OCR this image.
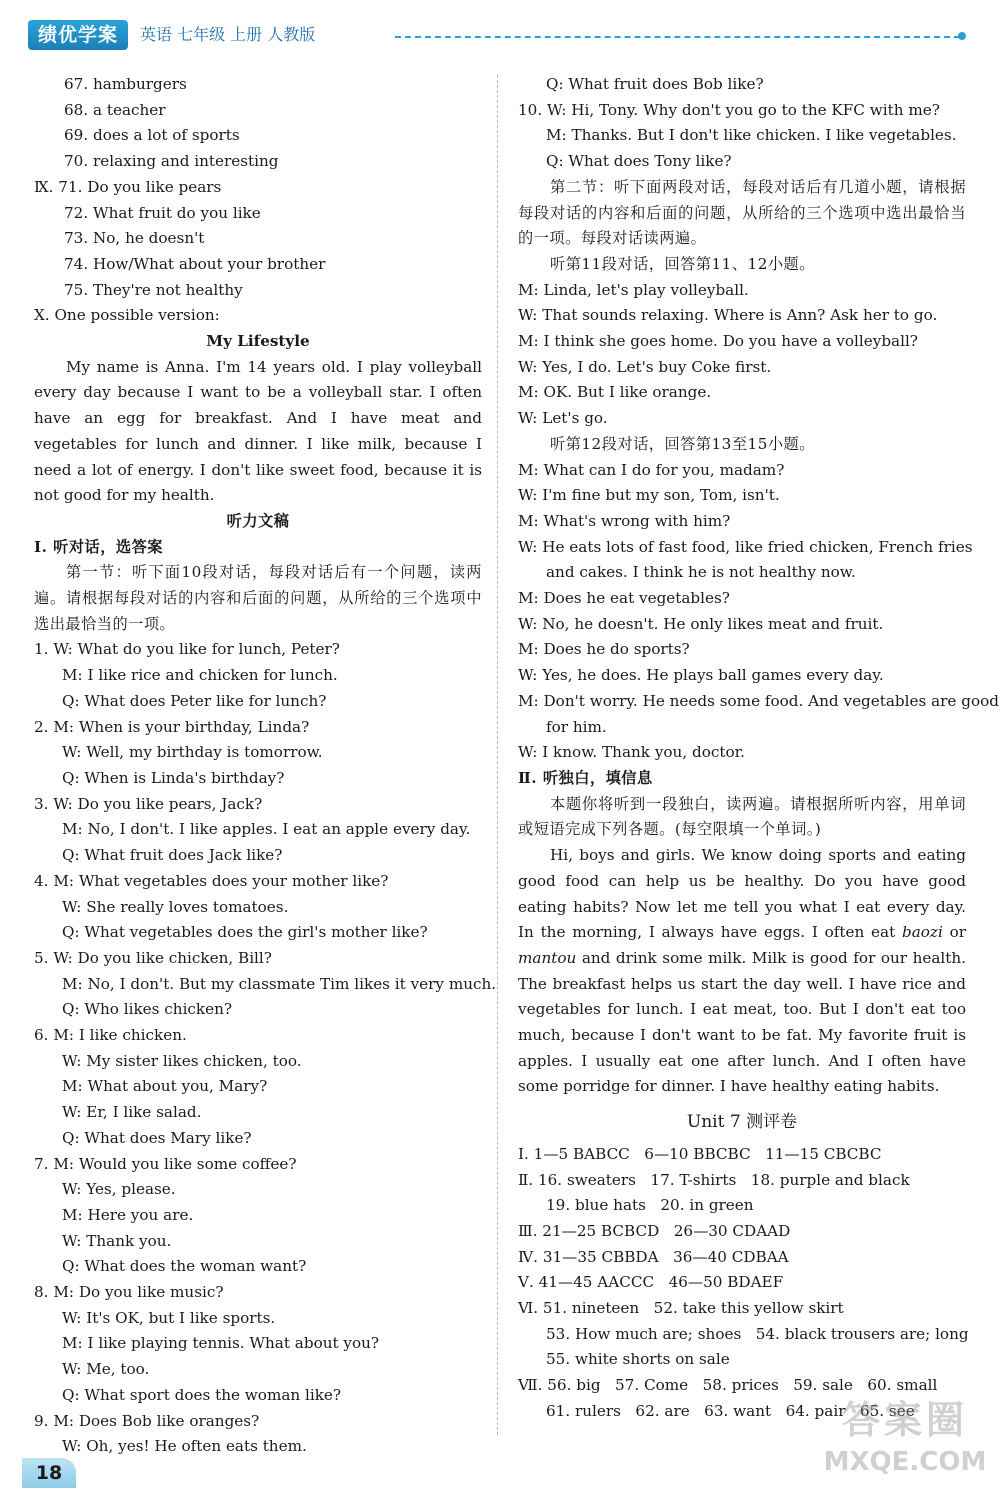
绩优学案	英语 七年级 上册 人教版
67. hamburgers
68. a teacher
69. does a lot of sports
70. relaxing and interesting
Ⅸ. 71. Do you like pears
72. What fruit do you like
73. No, he doesn't
74. How/What about your brother
75. They're not healthy
Ⅹ. One possible version:
My Lifestyle
My name is Anna. I'm 14 years old. I play volleyball every day because I want to be a volleyball star. I often have an egg for breakfast. And I have meat and vegetables for lunch and dinner. I like milk, because I need a lot of energy. I don't like sweet food, because it is not good for my health.
听力文稿
Ⅰ. 听对话，选答案
第一节：听下面10段对话，每段对话后有一个问题，读两遍。请根据每段对话的内容和后面的问题，从所给的三个选项中选出最恰当的一项。
1. W: What do you like for lunch, Peter?
M: I like rice and chicken for lunch.
Q: What does Peter like for lunch?
2. M: When is your birthday, Linda?
W: Well, my birthday is tomorrow.
Q: When is Linda's birthday?
3. W: Do you like pears, Jack?
M: No, I don't. I like apples. I eat an apple every day.
Q: What fruit does Jack like?
4. M: What vegetables does your mother like?
W: She really loves tomatoes.
Q: What vegetables does the girl's mother like?
5. W: Do you like chicken, Bill?
M: No, I don't. But my classmate Tim likes it very much.
Q: Who likes chicken?
6. M: I like chicken.
W: My sister likes chicken, too.
M: What about you, Mary?
W: Er, I like salad.
Q: What does Mary like?
7. M: Would you like some coffee?
W: Yes, please.
M: Here you are.
W: Thank you.
Q: What does the woman want?
8. M: Do you like music?
W: It's OK, but I like sports.
M: I like playing tennis. What about you?
W: Me, too.
Q: What sport does the woman like?
9. M: Does Bob like oranges?
W: Oh, yes! He often eats them.
Q: What fruit does Bob like?
10. W: Hi, Tony. Why don't you go to the KFC with me?
M: Thanks. But I don't like chicken. I like vegetables.
Q: What does Tony like?
第二节：听下面两段对话，每段对话后有几道小题，请根据每段对话的内容和后面的问题，从所给的三个选项中选出最恰当的一项。每段对话读两遍。
听第11段对话，回答第11、12小题。
M: Linda, let's play volleyball.
W: That sounds relaxing. Where is Ann? Ask her to go.
M: I think she goes home. Do you have a volleyball?
W: Yes, I do. Let's buy Coke first.
M: OK. But I like orange.
W: Let's go.
听第12段对话，回答第13至15小题。
M: What can I do for you, madam?
W: I'm fine but my son, Tom, isn't.
M: What's wrong with him?
W: He eats lots of fast food, like fried chicken, French fries
and cakes. I think he is not healthy now.
M: Does he eat vegetables?
W: No, he doesn't. He only likes meat and fruit.
M: Does he do sports?
W: Yes, he does. He plays ball games every day.
M: Don't worry. He needs some food. And vegetables are good
for him.
W: I know. Thank you, doctor.
Ⅱ. 听独白，填信息
本题你将听到一段独白，读两遍。请根据所听内容，用单词或短语完成下列各题。(每空限填一个单词。)
Hi, boys and girls. We know doing sports and eating good food can help us be healthy. Do you have good eating habits? Now let me tell you what I eat every day. In the morning, I always have eggs. I often eat baozi or mantou and drink some milk. Milk is good for our health. The breakfast helps us start the day well. I have rice and vegetables for lunch. I eat meat, too. But I don't eat too much, because I don't want to be fat. My favorite fruit is apples. I usually eat one after lunch. And I often have some porridge for dinner. I have healthy eating habits.
Unit 7 测评卷
Ⅰ. 1—5 BABCC   6—10 BBCBC   11—15 CBCBC
Ⅱ. 16. sweaters   17. T-shirts   18. purple and black
19. blue hats   20. in green
Ⅲ. 21—25 BCBCD   26—30 CDAAD
Ⅳ. 31—35 CBBDA   36—40 CDBAA
Ⅴ. 41—45 AACCC   46—50 BDAEF
Ⅵ. 51. nineteen   52. take this yellow skirt
53. How much are; shoes   54. black trousers are; long
55. white shorts on sale
Ⅶ. 56. big   57. Come   58. prices   59. sale   60. small
61. rulers   62. are   63. want   64. pair   65. see
18
答案圈
MXQE.COM
